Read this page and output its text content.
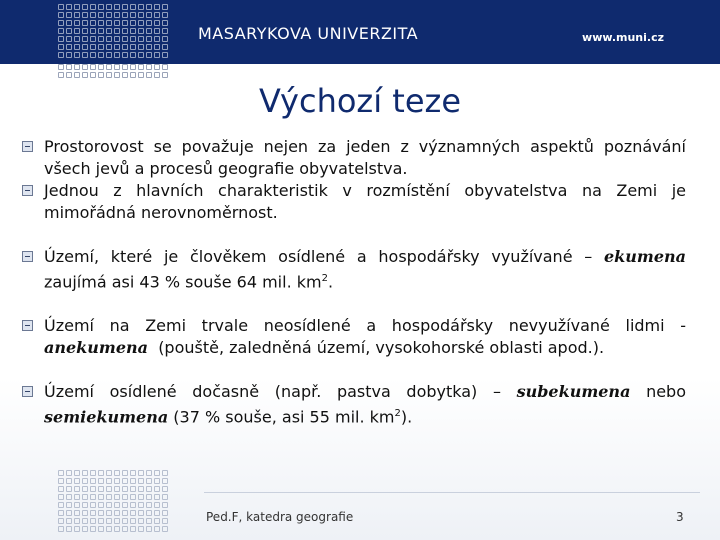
MASARYKOVA UNIVERZITA	www.muni.cz
Výchozí teze
Prostorovost se považuje nejen za jeden z významných aspektů poznávání všech jevů a procesů geografie obyvatelstva.
Jednou z hlavních charakteristik v rozmístění obyvatelstva na Zemi je mimořádná nerovnoměrnost.
Území, které je člověkem osídlené a hospodářsky využívané – ekumena zaujímá asi 43 % souše 64 mil. $km^2$.
Území na Zemi trvale neosídlené a hospodářsky nevyužívané lidmi - anekumena  (pouště, zaledněná území, vysokohorské oblasti apod.).
Území osídlené dočasně (např. pastva dobytka) – subekumena nebo semiekumena (37 % souše, asi 55 mil. $km^2$).
Ped.F, katedra geografie	3
